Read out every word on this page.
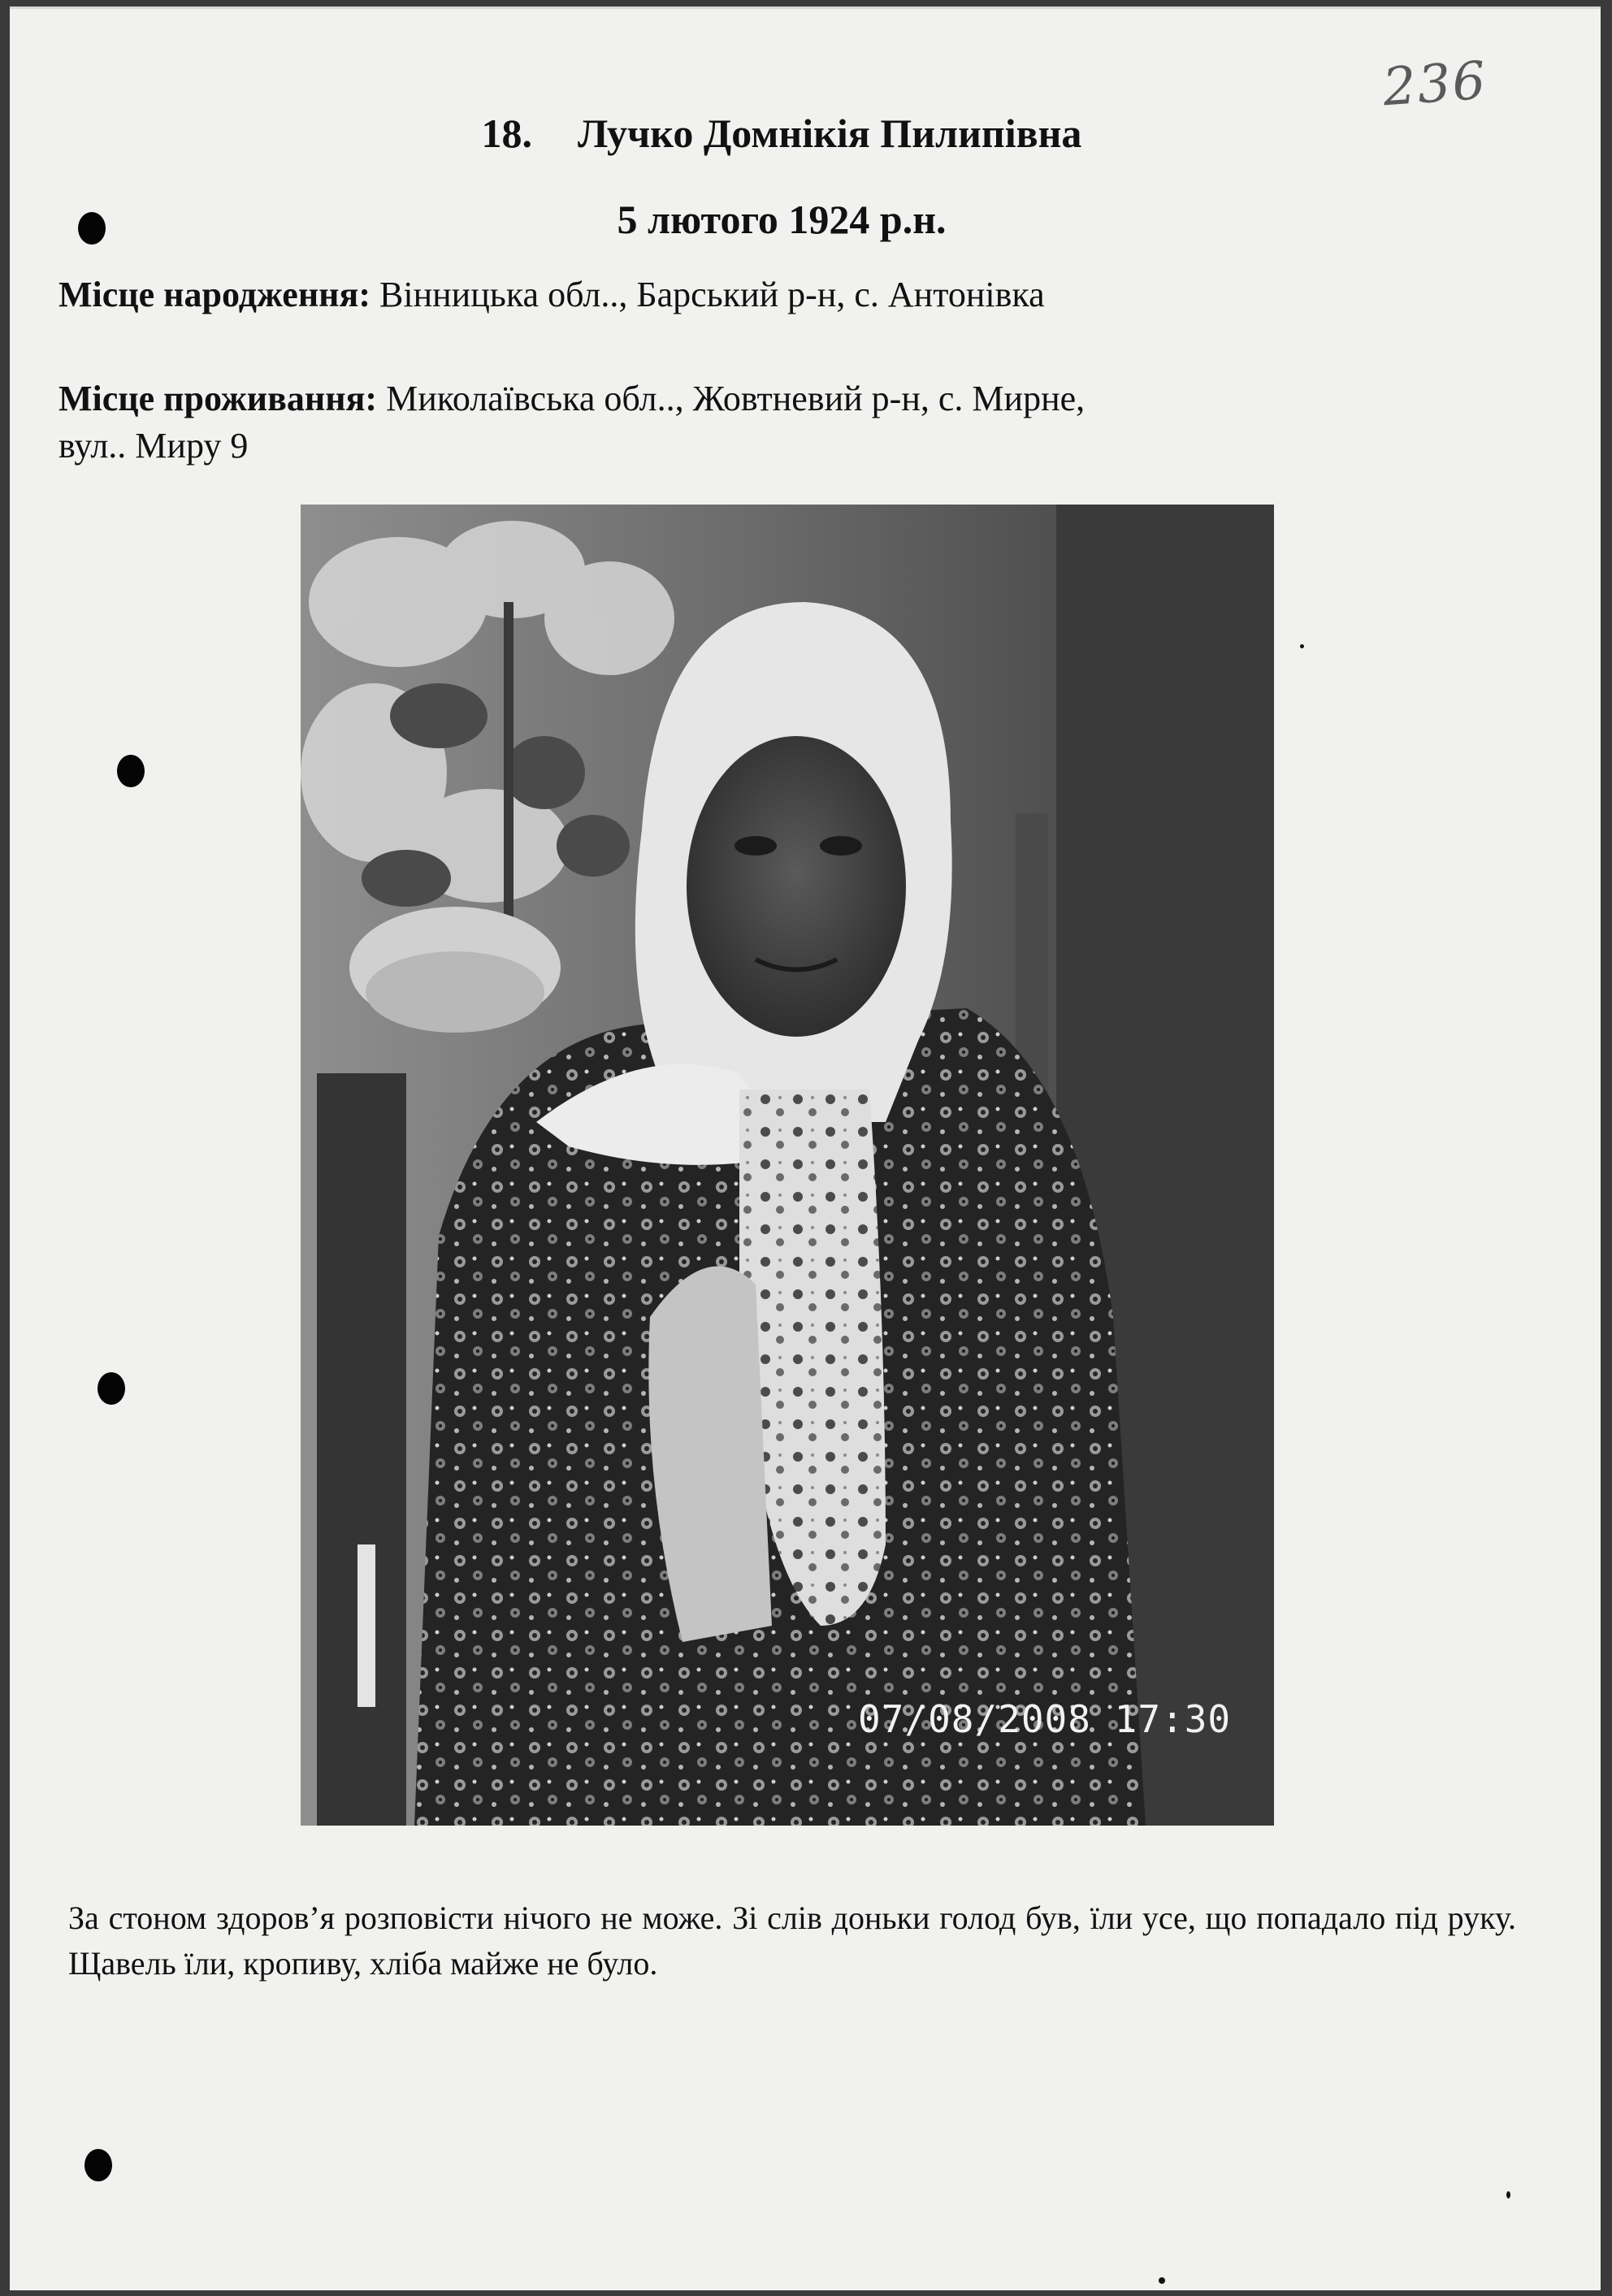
236
18. Лучко Домнікія Пилипівна
5 лютого 1924 р.н.
Місце народження: Вінницька обл.., Барський р-н, с. Антонівка
Місце проживання: Миколаївська обл.., Жовтневий р-н, с. Мирне,
вул.. Миру 9
07/08/2008 17:30
За стоном здоров’я розповісти нічого не може. Зі слів доньки голод був, їли усе, що попадало під руку. Щавель їли, кропиву, хліба майже не було.
